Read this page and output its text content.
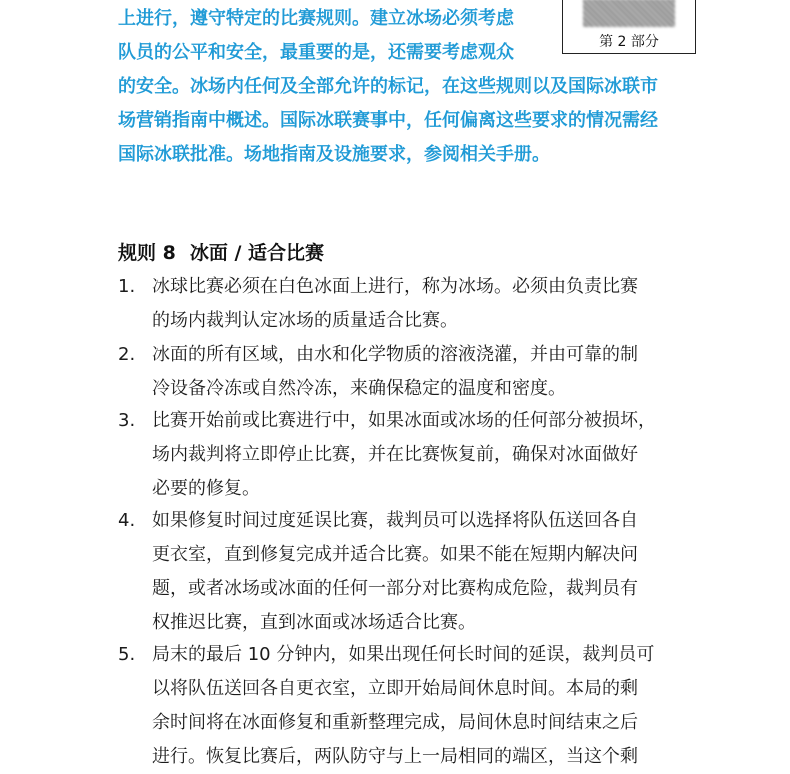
上进行，遵守特定的比赛规则。建立冰场必须考虑
队员的公平和安全，最重要的是，还需要考虑观众
的安全。冰场内任何及全部允许的标记，在这些规则以及国际冰联市
场营销指南中概述。国际冰联赛事中，任何偏离这些要求的情况需经
国际冰联批准。场地指南及设施要求，参阅相关手册。
第 2 部分
规则 8 冰面 / 适合比赛
1. 冰球比赛必须在白色冰面上进行，称为冰场。必须由负责比赛
的场内裁判认定冰场的质量适合比赛。
2. 冰面的所有区域，由水和化学物质的溶液浇灌，并由可靠的制
冷设备冷冻或自然冷冻，来确保稳定的温度和密度。
3. 比赛开始前或比赛进行中，如果冰面或冰场的任何部分被损坏，
场内裁判将立即停止比赛，并在比赛恢复前，确保对冰面做好
必要的修复。
4. 如果修复时间过度延误比赛，裁判员可以选择将队伍送回各自
更衣室，直到修复完成并适合比赛。如果不能在短期内解决问
题，或者冰场或冰面的任何一部分对比赛构成危险，裁判员有
权推迟比赛，直到冰面或冰场适合比赛。
5. 局末的最后 10 分钟内，如果出现任何长时间的延误，裁判员可
以将队伍送回各自更衣室，立即开始局间休息时间。本局的剩
余时间将在冰面修复和重新整理完成，局间休息时间结束之后
进行。恢复比赛后，两队防守与上一局相同的端区，当这个剩
